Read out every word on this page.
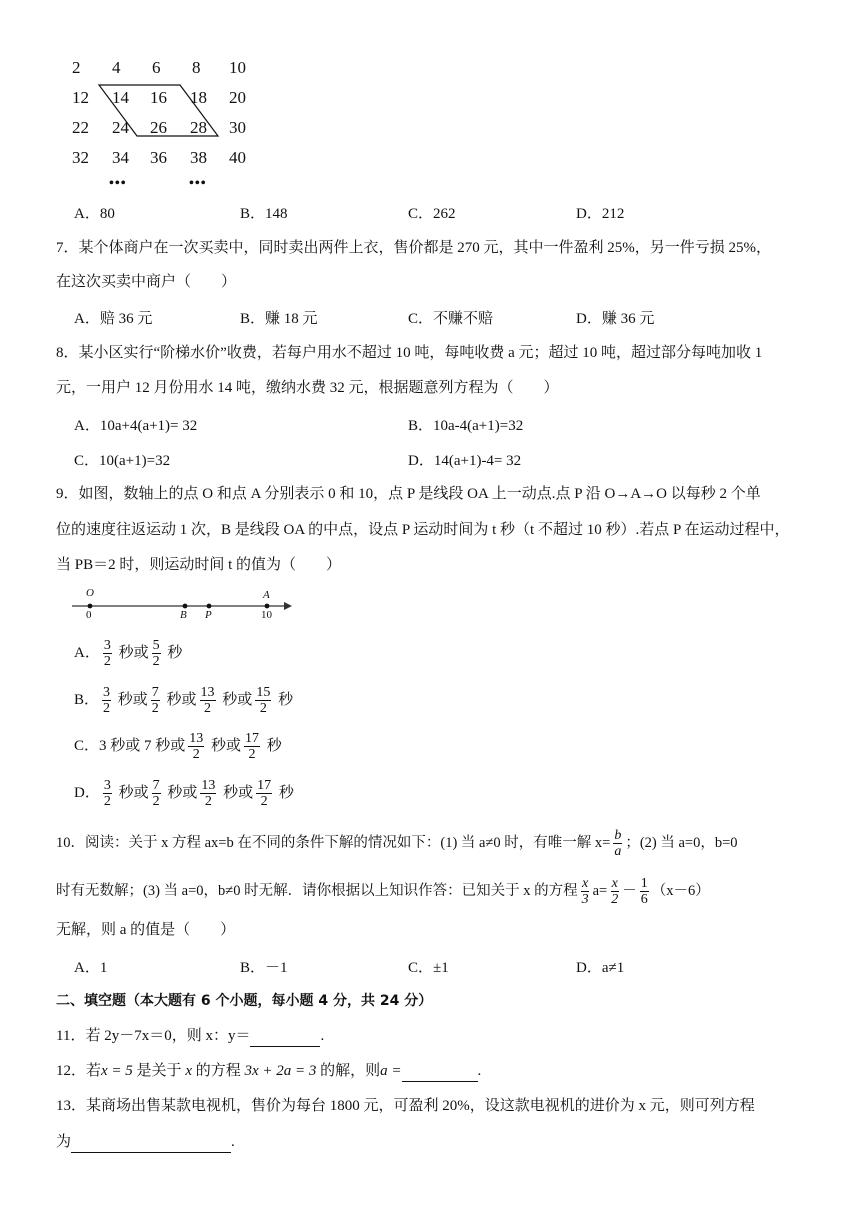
2 4 6 8 10
12 14 16 18 20
22 24 26 28 30
32 34 36 38 40
•••	•••
A．80	B．148	C．262	D．212
7．某个体商户在一次买卖中，同时卖出两件上衣，售价都是 270 元，其中一件盈利 25%，另一件亏损 25%，
在这次买卖中商户（　　）
A．赔 36 元	B．赚 18 元	C．不赚不赔	D．赚 36 元
8．某小区实行“阶梯水价”收费，若每户用水不超过 10 吨，每吨收费 a 元；超过 10 吨，超过部分每吨加收 1
元，一用户 12 月份用水 14 吨，缴纳水费 32 元，根据题意列方程为（　　）
A．10a+4(a+1)= 32	B．10a-4(a+1)=32
C．10(a+1)=32	D．14(a+1)-4= 32
9．如图，数轴上的点 O 和点 A 分别表示 0 和 10，点 P 是线段 OA 上一动点.点 P 沿 O→A→O 以每秒 2 个单
位的速度往返运动 1 次，B 是线段 OA 的中点，设点 P 运动时间为 t 秒（t 不超过 10 秒）.若点 P 在运动过程中，
当 PB＝2 时，则运动时间 t 的值为（　　）
O
0	B P
A
10
A． $\frac{3}{2}$ 秒或 $\frac{5}{2}$ 秒
B． $\frac{3}{2}$ 秒或 $\frac{7}{2}$ 秒或 $\frac{13}{2}$ 秒或 $\frac{15}{2}$ 秒
C．3 秒或 7 秒或 $\frac{13}{2}$ 秒或 $\frac{17}{2}$ 秒
D． $\frac{3}{2}$ 秒或 $\frac{7}{2}$ 秒或 $\frac{13}{2}$ 秒或 $\frac{17}{2}$ 秒
10．阅读：关于 x 方程 ax=b 在不同的条件下解的情况如下：(1) 当 a≠0 时，有唯一解 $x= \frac{b}{a}$ ；(2) 当 a=0，b=0
时有无数解；(3) 当 a=0，b≠0 时无解．请你根据以上知识作答：已知关于 x 的方程 $\frac{x}{3} a= \frac{x}{2} - \frac{1}{6} (x-6)$
无解，则 a 的值是（　　）
A．1	B．－1	C．±1	D．a≠1
二、填空题（本大题有 6 个小题，每小题 4 分，共 24 分）
11．若 2y－7x＝0，则 x：y＝	.
12．若x = 5 是关于 x 的方程 3x + 2a = 3 的解，则a =	.
13．某商场出售某款电视机，售价为每台 1800 元，可盈利 20%，设这款电视机的进价为 x 元，则可列方程
为	.
